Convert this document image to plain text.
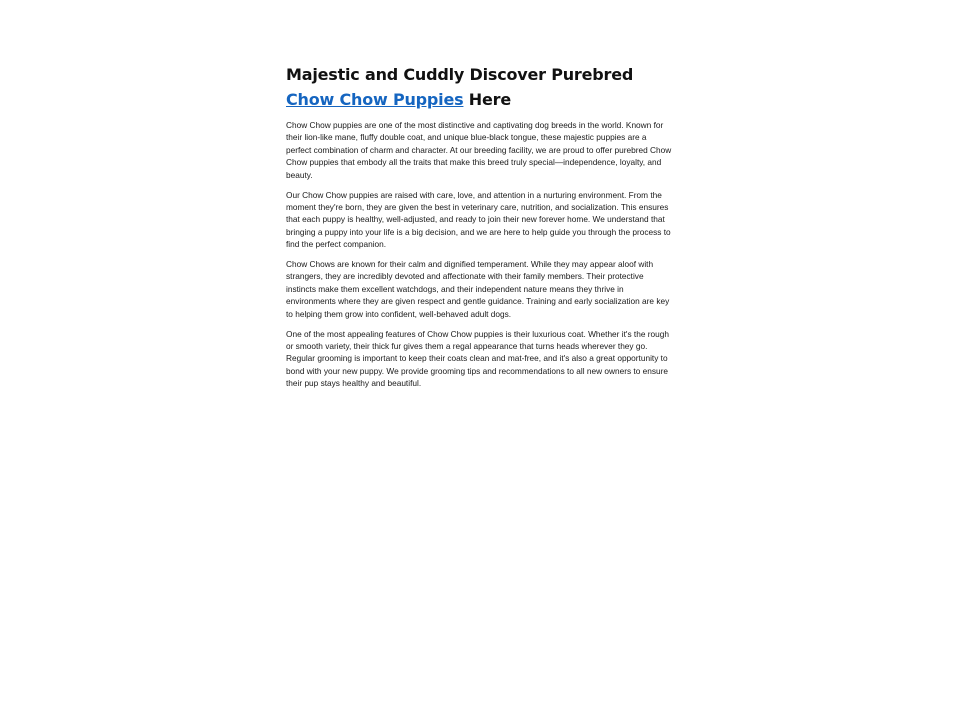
Majestic and Cuddly Discover Purebred Chow Chow Puppies Here

Chow Chow puppies are one of the most distinctive and captivating dog breeds in the world. Known for their lion-like mane, fluffy double coat, and unique blue-black tongue, these majestic puppies are a perfect combination of charm and character. At our breeding facility, we are proud to offer purebred Chow Chow puppies that embody all the traits that make this breed truly special—independence, loyalty, and beauty.

Our Chow Chow puppies are raised with care, love, and attention in a nurturing environment. From the moment they're born, they are given the best in veterinary care, nutrition, and socialization. This ensures that each puppy is healthy, well-adjusted, and ready to join their new forever home. We understand that bringing a puppy into your life is a big decision, and we are here to help guide you through the process to find the perfect companion.

Chow Chows are known for their calm and dignified temperament. While they may appear aloof with strangers, they are incredibly devoted and affectionate with their family members. Their protective instincts make them excellent watchdogs, and their independent nature means they thrive in environments where they are given respect and gentle guidance. Training and early socialization are key to helping them grow into confident, well-behaved adult dogs.

One of the most appealing features of Chow Chow puppies is their luxurious coat. Whether it's the rough or smooth variety, their thick fur gives them a regal appearance that turns heads wherever they go. Regular grooming is important to keep their coats clean and mat-free, and it's also a great opportunity to bond with your new puppy. We provide grooming tips and recommendations to all new owners to ensure their pup stays healthy and beautiful.
